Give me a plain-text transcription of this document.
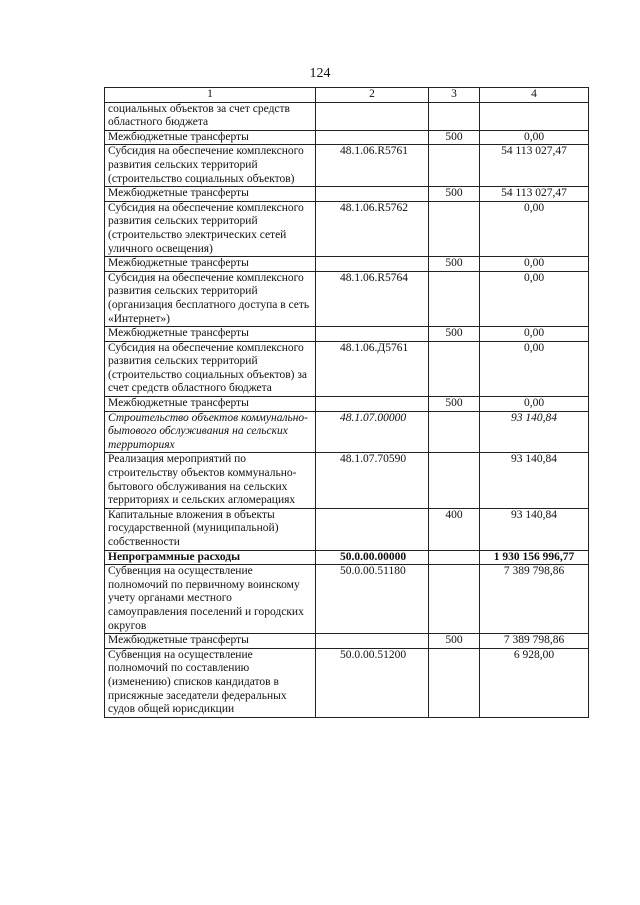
124
1	2	3	4
социальных объектов за счет средств областного бюджета			
Межбюджетные трансферты		500	0,00
Субсидия на обеспечение комплексного развития сельских территорий (строительство социальных объектов)	48.1.06.R5761		54 113 027,47
Межбюджетные трансферты		500	54 113 027,47
Субсидия на обеспечение комплексного развития сельских территорий (строительство электрических сетей уличного освещения)	48.1.06.R5762		0,00
Межбюджетные трансферты		500	0,00
Субсидия на обеспечение комплексного развития сельских территорий (организация бесплатного доступа в сеть «Интернет»)	48.1.06.R5764		0,00
Межбюджетные трансферты		500	0,00
Субсидия на обеспечение комплексного развития сельских территорий (строительство социальных объектов) за счет средств областного бюджета	48.1.06.Д5761		0,00
Межбюджетные трансферты		500	0,00
Строительство объектов коммунально-бытового обслуживания на сельских территориях	48.1.07.00000		93 140,84
Реализация мероприятий по строительству объектов коммунально-бытового обслуживания на сельских территориях и сельских агломерациях	48.1.07.70590		93 140,84
Капитальные вложения в объекты государственной (муниципальной) собственности		400	93 140,84
Непрограммные расходы	50.0.00.00000		1 930 156 996,77
Субвенция на осуществление полномочий по первичному воинскому учету органами местного самоуправления поселений и городских округов	50.0.00.51180		7 389 798,86
Межбюджетные трансферты		500	7 389 798,86
Субвенция на осуществление полномочий по составлению (изменению) списков кандидатов в присяжные заседатели федеральных судов общей юрисдикции	50.0.00.51200		6 928,00
